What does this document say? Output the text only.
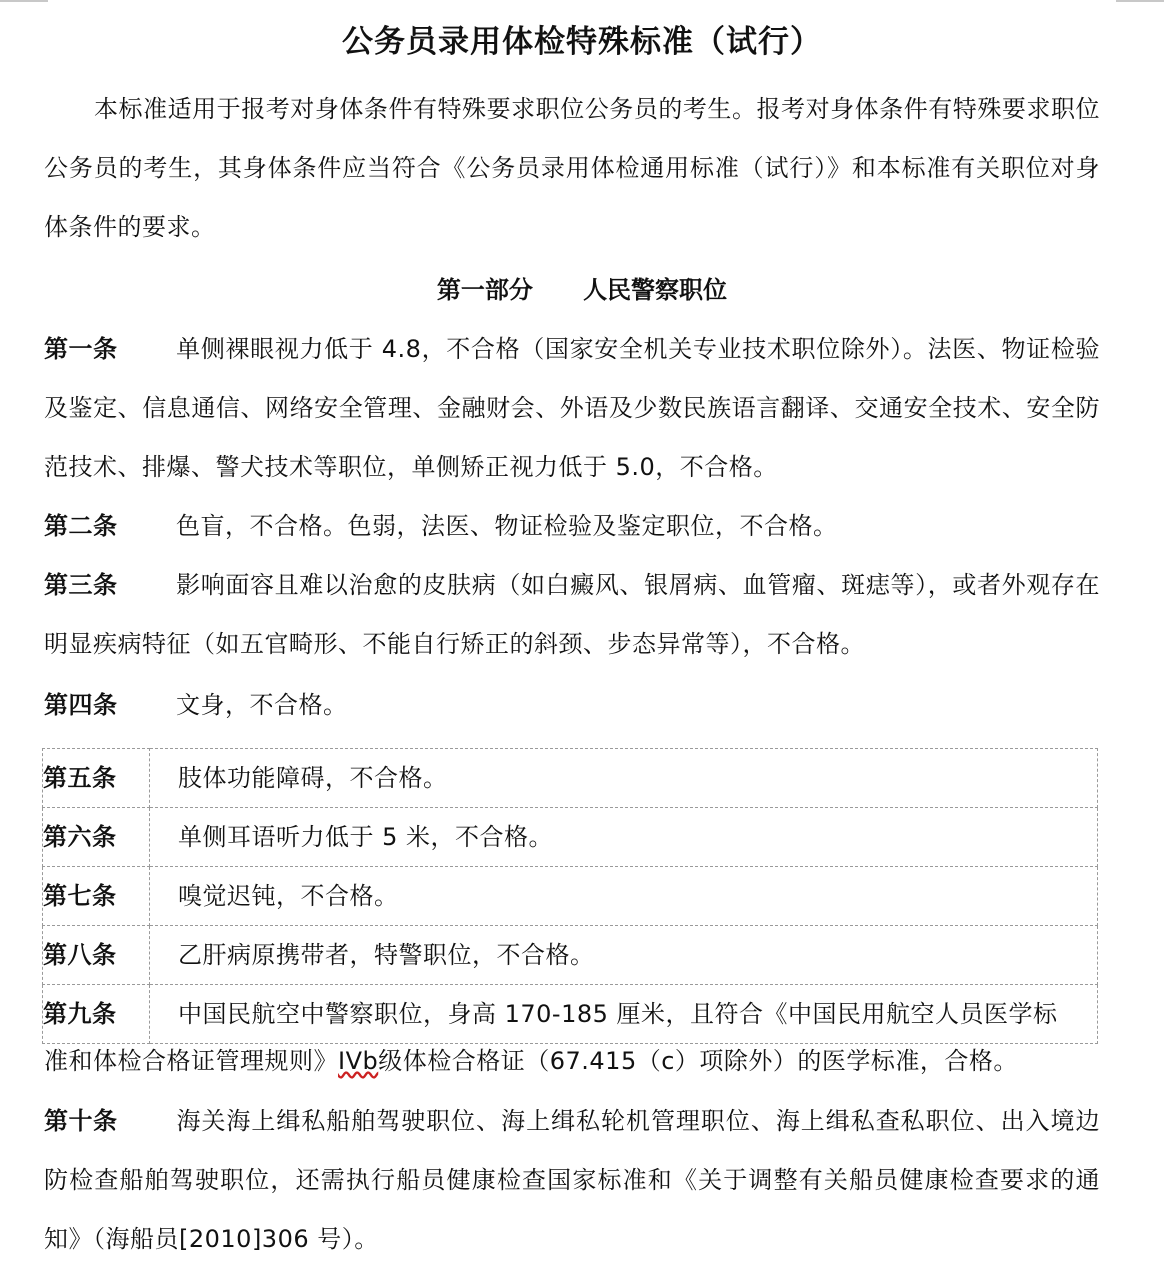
公务员录用体检特殊标准（试行）

本标准适用于报考对身体条件有特殊要求职位公务员的考生。报考对身体条件有特殊要求职位公务员的考生，其身体条件应当符合《公务员录用体检通用标准（试行）》和本标准有关职位对身体条件的要求。

第一部分 人民警察职位

第一条 单侧裸眼视力低于 4.8，不合格（国家安全机关专业技术职位除外）。法医、物证检验及鉴定、信息通信、网络安全管理、金融财会、外语及少数民族语言翻译、交通安全技术、安全防范技术、排爆、警犬技术等职位，单侧矫正视力低于 5.0，不合格。

第二条 色盲，不合格。色弱，法医、物证检验及鉴定职位，不合格。

第三条 影响面容且难以治愈的皮肤病（如白癜风、银屑病、血管瘤、斑痣等），或者外观存在明显疾病特征（如五官畸形、不能自行矫正的斜颈、步态异常等），不合格。

第四条 文身，不合格。

第五条	肢体功能障碍，不合格。
第六条	单侧耳语听力低于 5 米，不合格。
第七条	嗅觉迟钝，不合格。
第八条	乙肝病原携带者，特警职位，不合格。
第九条	中国民航空中警察职位，身高 170-185 厘米，且符合《中国民用航空人员医学标

准和体检合格证管理规则》IVb级体检合格证（67.415（c）项除外）的医学标准，合格。

第十条 海关海上缉私船舶驾驶职位、海上缉私轮机管理职位、海上缉私查私职位、出入境边防检查船舶驾驶职位，还需执行船员健康检查国家标准和《关于调整有关船员健康检查要求的通知》（海船员[2010]306 号）。
